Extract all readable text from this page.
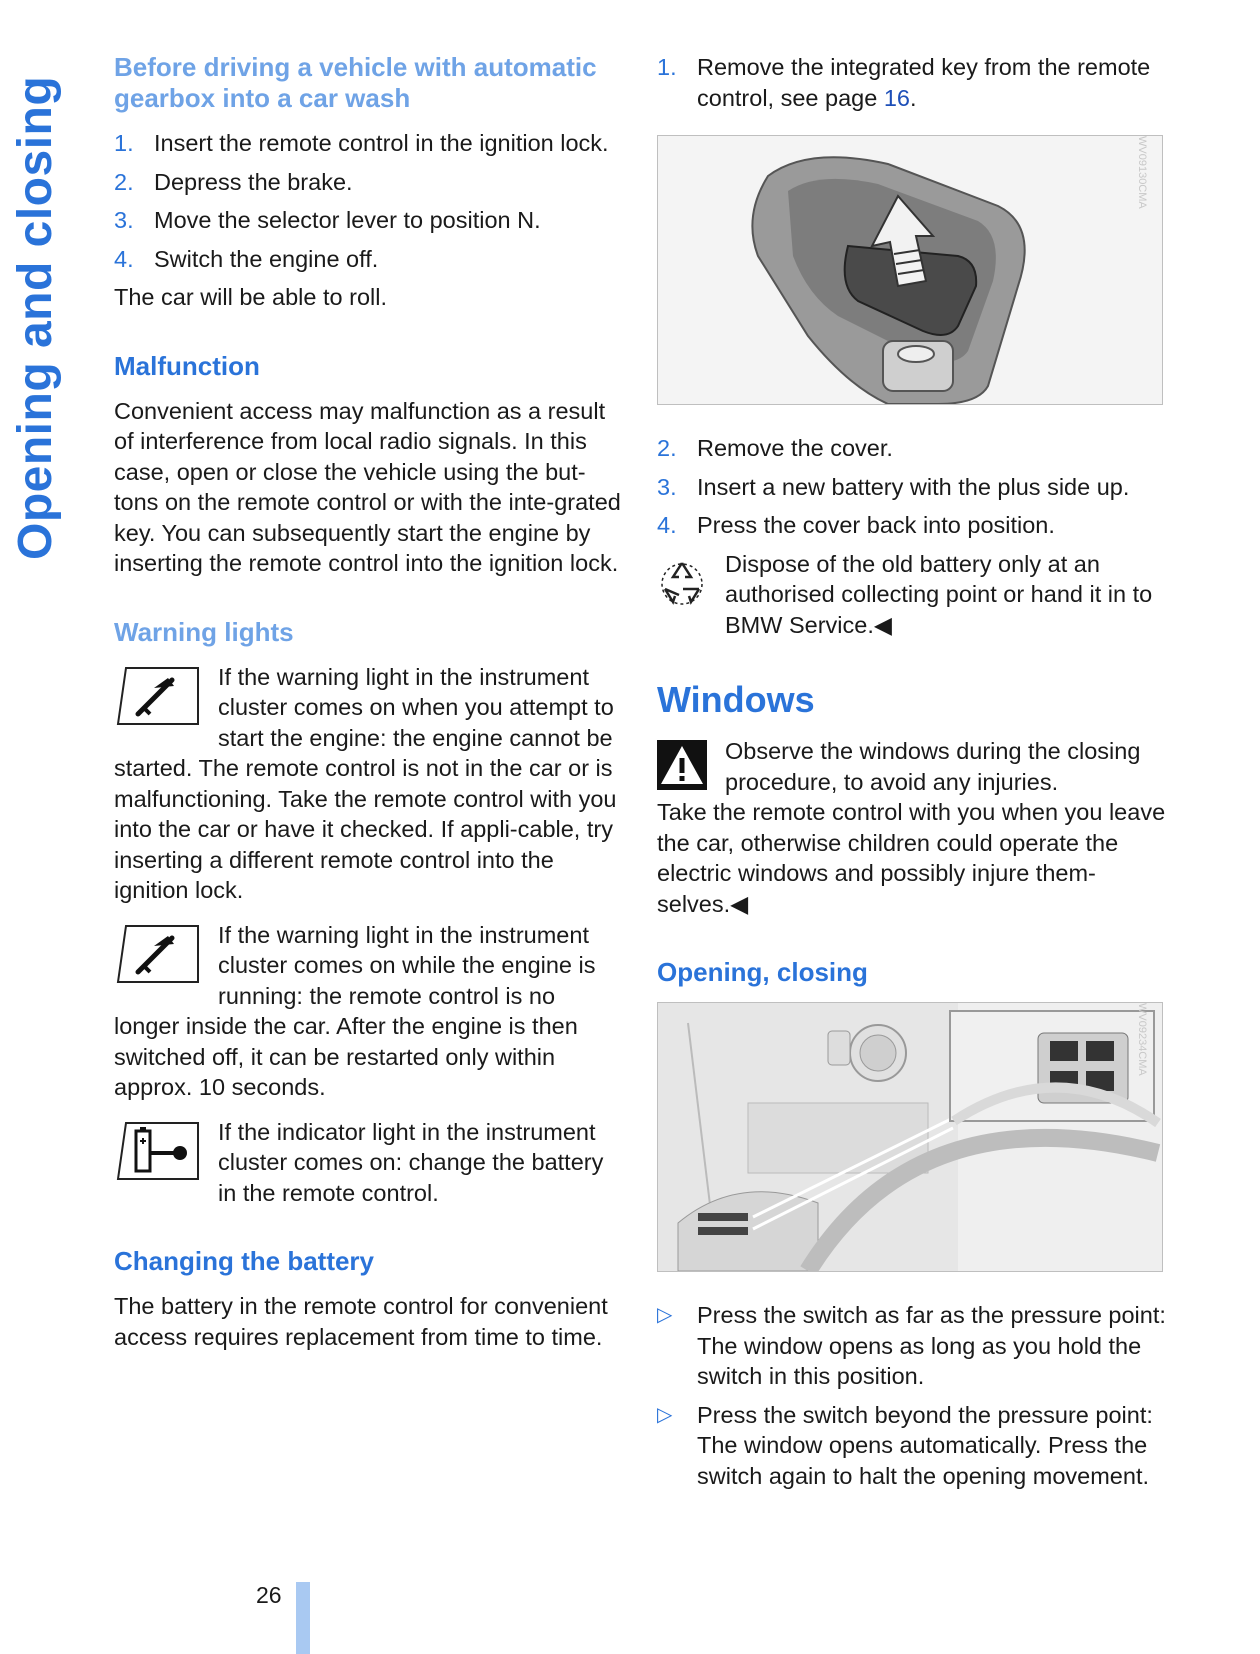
Opening and closing
Before driving a vehicle with automatic gearbox into a car wash
1. Insert the remote control in the ignition lock.
2. Depress the brake.
3. Move the selector lever to position N.
4. Switch the engine off.

The car will be able to roll.

Malfunction

Convenient access may malfunction as a result of interference from local radio signals. In this case, open or close the vehicle using the but-tons on the remote control or with the inte-grated key. You can subsequently start the engine by inserting the remote control into the ignition lock.

Warning lights

If the warning light in the instrument cluster comes on when you attempt to start the engine: the engine cannot be started. The remote control is not in the car or is malfunctioning. Take the remote control with you into the car or have it checked. If appli-cable, try inserting a different remote control into the ignition lock.

If the warning light in the instrument cluster comes on while the engine is running: the remote control is no longer inside the car. After the engine is then switched off, it can be restarted only within approx. 10 seconds.

If the indicator light in the instrument cluster comes on: change the battery in the remote control.

Changing the battery

The battery in the remote control for convenient access requires replacement from time to time.

1. Remove the integrated key from the remote control, see page 16.
WV09130CMA
2. Remove the cover.
3. Insert a new battery with the plus side up.
4. Press the cover back into position.

Dispose of the old battery only at an authorised collecting point or hand it in to BMW Service.◀

Windows

Observe the windows during the closing procedure, to avoid any injuries.

Take the remote control with you when you leave the car, otherwise children could operate the electric windows and possibly injure them-selves.◀

Opening, closing
WV09234CMA
▷	Press the switch as far as the pressure point:
The window opens as long as you hold the switch in this position.
▷	Press the switch beyond the pressure point:
The window opens automatically. Press the switch again to halt the opening movement.
26
